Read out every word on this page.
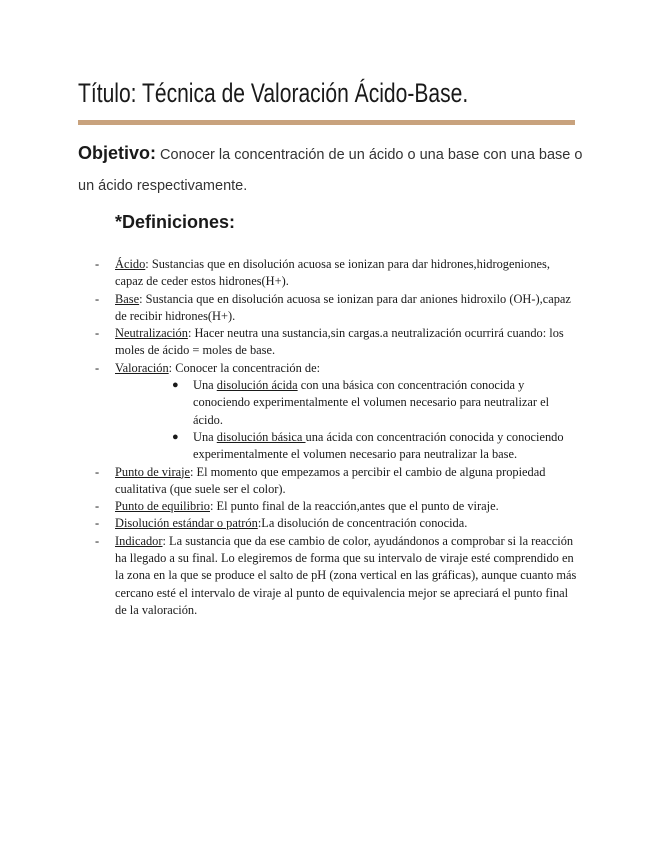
Título: Técnica de Valoración Ácido-Base.
Objetivo: Conocer la concentración de un ácido o una base con una base o un ácido respectivamente.
*Definiciones:
- Ácido: Sustancias que en disolución acuosa se ionizan para dar hidrones,hidrogeniones, capaz de ceder estos hidrones(H+).
- Base: Sustancia que en disolución acuosa se ionizan para dar aniones hidroxilo (OH-),capaz de recibir hidrones(H+).
- Neutralización: Hacer neutra una sustancia,sin cargas.a neutralización ocurrirá cuando: los moles de ácido = moles de base.
- Valoración: Conocer la concentración de:
● Una disolución ácida con una básica con concentración conocida y conociendo experimentalmente el volumen necesario para neutralizar el ácido.
● Una disolución básica una ácida con concentración conocida y conociendo experimentalmente el volumen necesario para neutralizar la base.
- Punto de viraje: El momento que empezamos a percibir el cambio de alguna propiedad cualitativa (que suele ser el color).
- Punto de equilibrio: El punto final de la reacción,antes que el punto de viraje.
- Disolución estándar o patrón:La disolución de concentración conocida.
- Indicador: La sustancia que da ese cambio de color, ayudándonos a comprobar si la reacción ha llegado a su final. Lo elegiremos de forma que su intervalo de viraje esté comprendido en la zona en la que se produce el salto de pH (zona vertical en las gráficas), aunque cuanto más cercano esté el intervalo de viraje al punto de equivalencia mejor se apreciará el punto final de la valoración.
